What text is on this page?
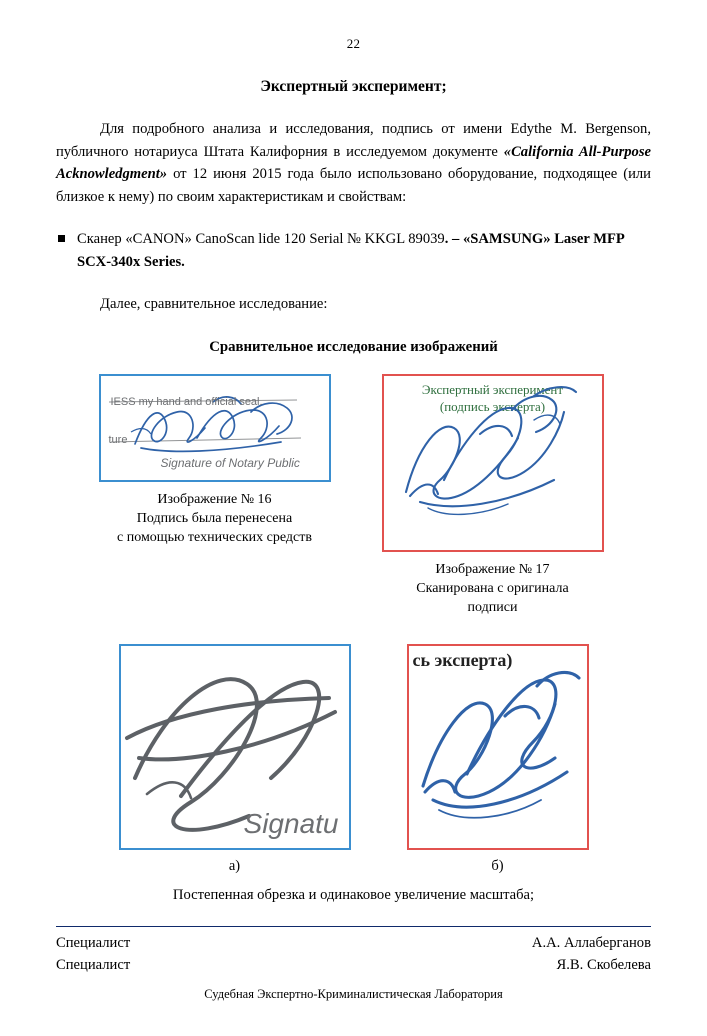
22
Экспертный эксперимент;
Для подробного анализа и исследования, подпись от имени Edythe M. Bergenson, публичного нотариуса Штата Калифорния в исследуемом документе «California All-Purpose Acknowledgment» от 12 июня 2015 года было использовано оборудование, подходящее (или близкое к нему) по своим характеристикам и свойствам:
Сканер «CANON» CanoScan lide 120 Serial № KKGL 89039. – «SAMSUNG» Laser MFP SCX-340x Series.
Далее, сравнительное исследование:
Сравнительное исследование изображений
IESS my hand and official seal.
ture
Signature of Notary Public
Изображение № 16
Подпись была перенесена
с помощью технических средств
Экспертный эксперимент
(подпись эксперта)
Изображение № 17
Сканирована с оригинала
подписи
Signatu
а)
сь эксперта)
б)
Постепенная обрезка и одинаковое увеличение масштаба;
Специалист	А.А. Аллаберганов
Специалист	Я.В. Скобелева
Судебная Экспертно-Криминалистическая Лаборатория
